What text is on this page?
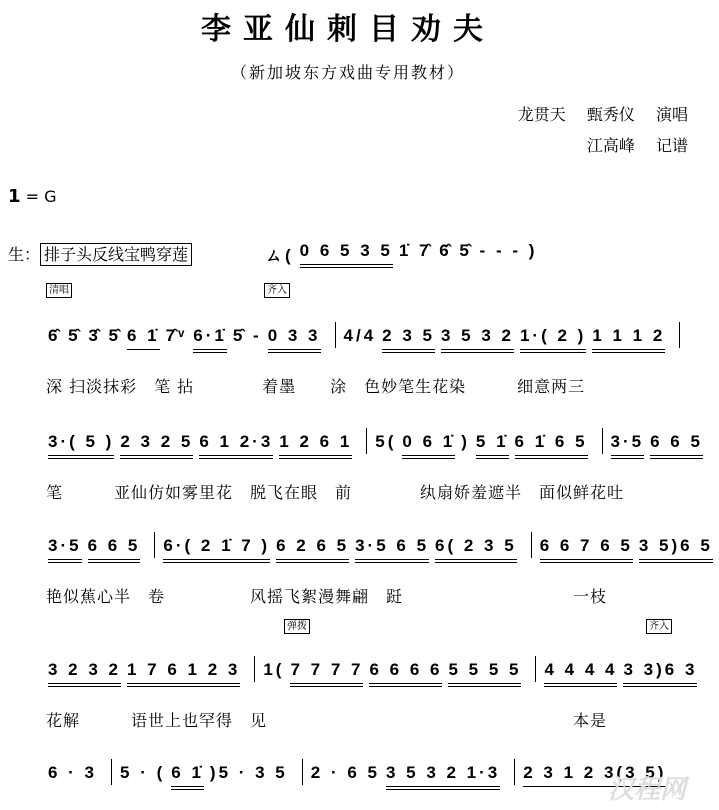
李亚仙刺目劝夫
（新加坡东方戏曲专用教材）
龙贯天 甄秀仪 演唱
江高峰 记谱
1 = G
生： 排子头反线宝鸭穿莲
清唱	齐入
弹拨	齐入
ㄙ( 0 6 5 3 5 1̇ 7̂ 6̂ 5̂ - - - )
6̂ 5̂ 3̂ 5̂ 6 1̇ 7̂ᵛ 6·1̇ 5̂ - 0 3 3 4/4 2 3 5 3 5 3 2 1·( 2 ) 1 1 1 2
3·( 5 ) 2 3 2 5 6 1 2·3 1 2 6 1 5( 0 6 1̇ ) 5 1̇ 6 1̇ 6 5 3·5 6 6 5
3·5 6 6 5 6·( 2 1̇ 7 ) 6 2 6 5 3·5 6 5 6( 2 3 5 6 6 7 6 5 3 5)6 5
3 2 3 2 1 7 6 1 2 3 1( 7 7 7 7 6 6 6 6 5 5 5 5 4 4 4 4 3 3)6 3
6 · 3 5 · ( 6 1̇ )5 · 3 5 2 · 6 5 3 5 3 2 1·3 2 3 1 2 3(3 5)
深 扫淡抹彩　笔 拈　　　　着墨　　涂　色妙笔生花染　　　细意两三
笔　　　亚仙仿如雾里花　脱飞在眼　前　　　　纨扇娇羞遮半　面似鲜花吐
艳似蕉心半　卷　　　　　风摇飞絮漫舞翩　跹　　　　　　　　　　一枝
花解　　　语世上也罕得　见　　　　　　　　　　　　　　　　　　本是
汉程网
